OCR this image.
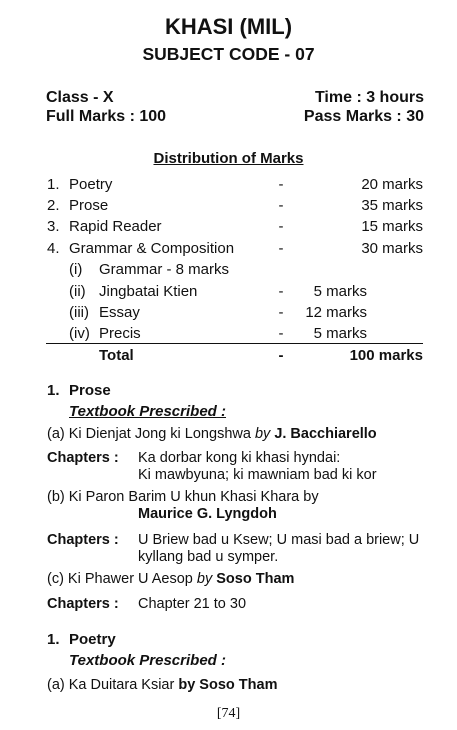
KHASI (MIL)
SUBJECT CODE - 07
Class - X	Time : 3 hours
Full Marks : 100	Pass Marks : 30
Distribution of Marks
1. Poetry	-	20 marks
2. Prose	-	35 marks
3. Rapid Reader	-	15 marks
4. Grammar & Composition	-	30 marks
(i) Grammar - 8 marks
(ii) Jingbatai Ktien	- 5 marks
(iii) Essay	- 12 marks
(iv) Precis	- 5 marks
Total	-	100 marks
1. Prose
Textbook Prescribed :
(a) Ki Dienjat Jong ki Longshwa by J. Bacchiarello
Chapters : Ka dorbar kong ki khasi hyndai:
Ki mawbyuna; ki mawniam bad ki kor
(b) Ki Paron Barim U khun Khasi Khara by
Maurice G. Lyngdoh
Chapters : U Briew bad u Ksew; U masi bad a briew; U
kyllang bad u symper.
(c) Ki Phawer U Aesop by Soso Tham
Chapters : Chapter 21 to 30
1. Poetry
Textbook Prescribed :
(a) Ka Duitara Ksiar by Soso Tham
[74]
